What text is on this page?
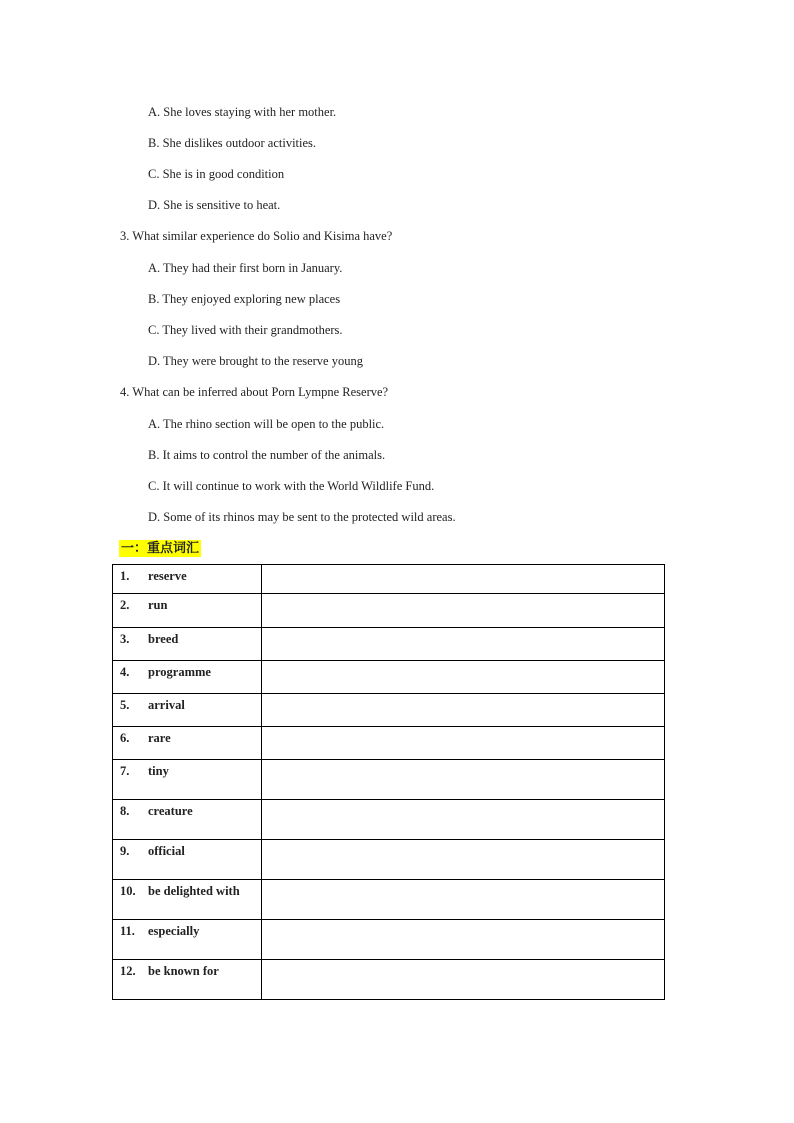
A. She loves staying with her mother.
B. She dislikes outdoor activities.
C. She is in good condition
D. She is sensitive to heat.
3. What similar experience do Solio and Kisima have?
A. They had their first born in January.
B. They enjoyed exploring new places
C. They lived with their grandmothers.
D. They were brought to the reserve young
4. What can be inferred about Porn Lympne Reserve?
A. The rhino section will be open to the public.
B. It aims to control the number of the animals.
C. It will continue to work with the World Wildlife Fund.
D. Some of its rhinos may be sent to the protected wild areas.
一：重点词汇
1. reserve	

2. run	

3. breed	

4. programme	

5. arrival	

6. rare	

7. tiny	

8. creature	

9. official	

10. be delighted with	

11. especially	

12. be known for	
